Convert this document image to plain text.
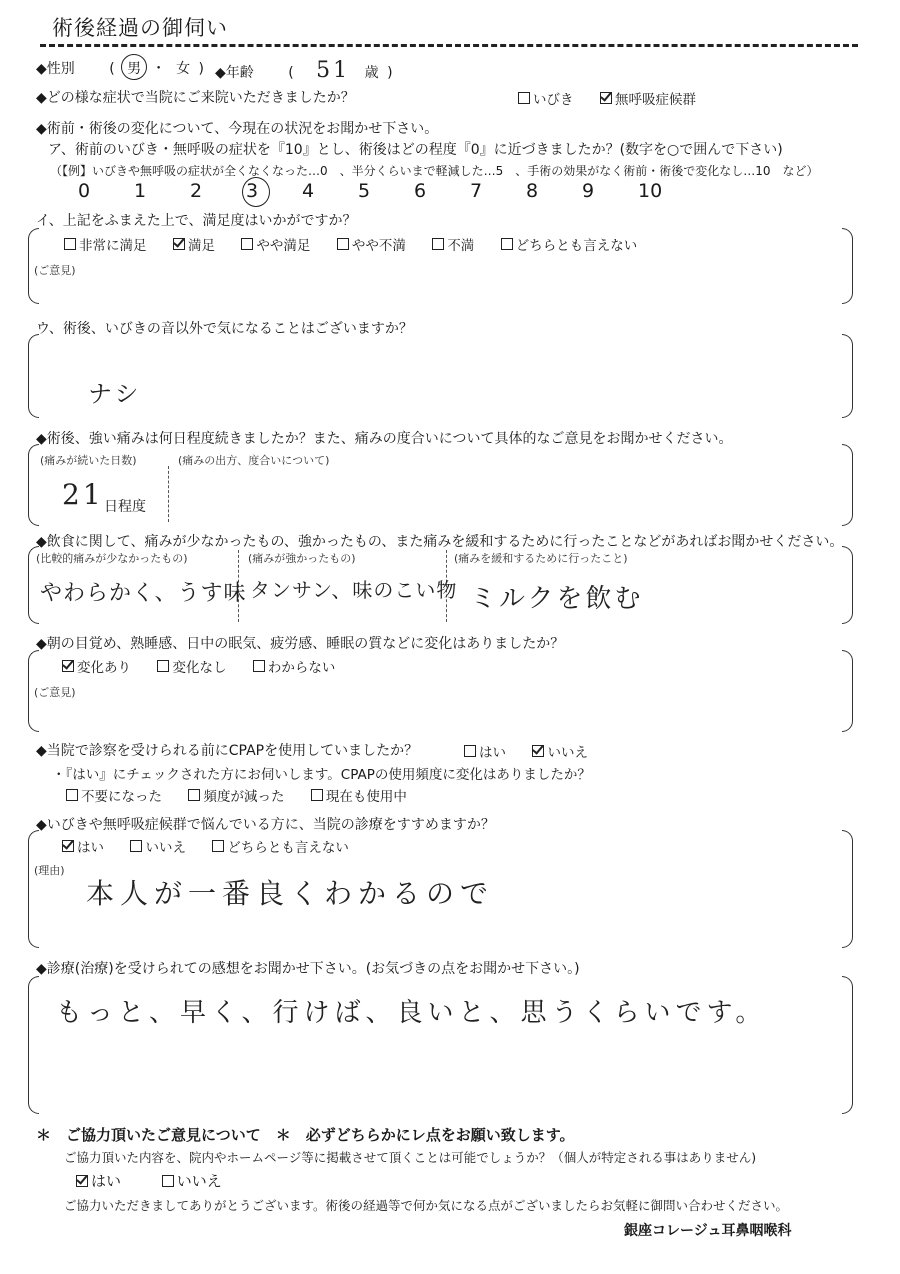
術後経過の御伺い
◆性別 ( 男 ・ 女 ) ◆年齢 ( 51 歳 )
◆どの様な症状で当院にご来院いただきましたか？	いびき
	無呼吸症候群
◆術前・術後の変化について、今現在の状況をお聞かせ下さい。
ア、術前のいびき・無呼吸の症状を『10』とし、術後はどの程度『0』に近づきましたか？(数字を○で囲んで下さい)
（【例】いびきや無呼吸の症状が全くなくなった…0　、半分くらいまで軽減した…5　、手術の効果がなく術前・術後で変化なし…10　など）
0 1 2 3 4 5 6 7 8 9 10
イ、上記をふまえた上で、満足度はいかがですか？
非常に満足
	満足
	やや満足
	やや不満
	不満
	どちらとも言えない
(ご意見)
ウ、術後、いびきの音以外で気になることはございますか？
ナシ
◆術後、強い痛みは何日程度続きましたか？また、痛みの度合いについて具体的なご意見をお聞かせください。
(痛みが続いた日数)	(痛みの出方、度合いについて)
21 日程度
◆飲食に関して、痛みが少なかったもの、強かったもの、また痛みを緩和するために行ったことなどがあればお聞かせください。
(比較的痛みが少なかったもの)	(痛みが強かったもの)	(痛みを緩和するために行ったこと)
やわらかく、うす味 タンサン、味のこい物 ミルクを飲む
◆朝の目覚め、熟睡感、日中の眠気、疲労感、睡眠の質などに変化はありましたか？
変化あり
	変化なし
	わからない
(ご意見)
◆当院で診察を受けられる前にCPAPを使用していましたか？	はい
	いいえ
・『はい』にチェックされた方にお伺いします。CPAPの使用頻度に変化はありましたか？
不要になった
	頻度が減った
	現在も使用中
◆いびきや無呼吸症候群で悩んでいる方に、当院の診療をすすめますか？
はい
	いいえ
	どちらとも言えない
(理由)
本人が一番良くわかるので
◆診療(治療)を受けられての感想をお聞かせ下さい。(お気づきの点をお聞かせ下さい。)
もっと、早く、行けば、良いと、思うくらいです。
＊　ご協力頂いたご意見について　＊　必ずどちらかにレ点をお願い致します。
ご協力頂いた内容を、院内やホームページ等に掲載させて頂くことは可能でしょうか？（個人が特定される事はありません)
はい
	いいえ
ご協力いただきましてありがとうございます。術後の経過等で何か気になる点がございましたらお気軽に御問い合わせください。
銀座コレージュ耳鼻咽喉科
